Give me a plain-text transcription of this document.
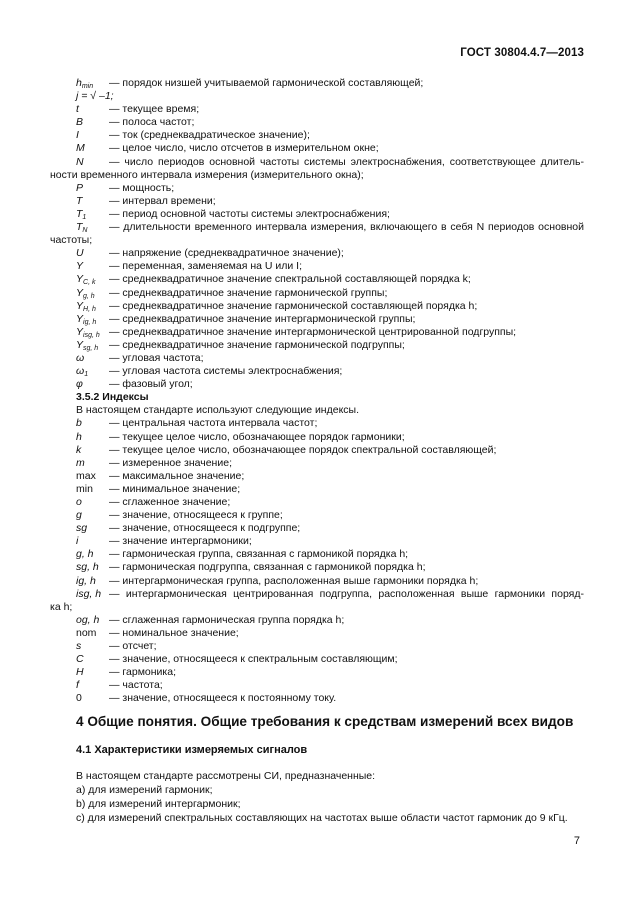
ГОСТ 30804.4.7—2013
hmin — порядок низшей учитываемой гармонической составляющей;
j = √ –1;
t	— текущее время;
B — полоса частот;
I	— ток (среднеквадратическое значение);
M — целое число, число отсчетов в измерительном окне;
N — число периодов основной частоты системы электроснабжения, соответствующее длитель-
ности временного интервала измерения (измерительного окна);
P — мощность;
T	— интервал времени;
T1 — период основной частоты системы электроснабжения;
TN — длительности временного интервала измерения, включающего в себя N периодов основной
частоты;
U — напряжение (среднеквадратичное значение);
Y — переменная, заменяемая на U или I;
YC, k — среднеквадратичное значение спектральной составляющей порядка k;
Yg, h — среднеквадратичное значение гармонической группы;
YH, h — среднеквадратичное значение гармонической составляющей порядка h;
Yig, h — среднеквадратичное значение интергармонической группы;
Yisg, h — среднеквадратичное значение интергармонической центрированной подгруппы;
Ysg, h — среднеквадратичное значение гармонической подгруппы;
ω — угловая частота;
ω1 — угловая частота системы электроснабжения;
φ — фазовый угол;
3.5.2 Индексы
В настоящем стандарте используют следующие индексы.
b	— центральная частота интервала частот;
h	— текущее целое число, обозначающее порядок гармоники;
k	— текущее целое число, обозначающее порядок спектральной составляющей;
m — измеренное значение;
max — максимальное значение;
min — минимальное значение;
o	— сглаженное значение;
g	— значение, относящееся к группе;
sg — значение, относящееся к подгруппе;
i	— значение интергармоники;
g, h — гармоническая группа, связанная с гармоникой порядка h;
sg, h — гармоническая подгруппа, связанная с гармоникой порядка h;
ig, h — интергармоническая группа, расположенная выше гармоники порядка h;
isg, h — интергармоническая центрированная подгруппа, расположенная выше гармоники поряд-
ка h;
og, h — сглаженная гармоническая группа порядка h;
nom — номинальное значение;
s	— отсчет;
C — значение, относящееся к спектральным составляющим;
H — гармоника;
f	— частота;
0	— значение, относящееся к постоянному току.
4 Общие понятия. Общие требования к средствам измерений всех видов
4.1 Характеристики измеряемых сигналов
В настоящем стандарте рассмотрены СИ, предназначенные:
а) для измерений гармоник;
b) для измерений интергармоник;
с) для измерений спектральных составляющих на частотах выше области частот гармоник до 9 кГц.
7
